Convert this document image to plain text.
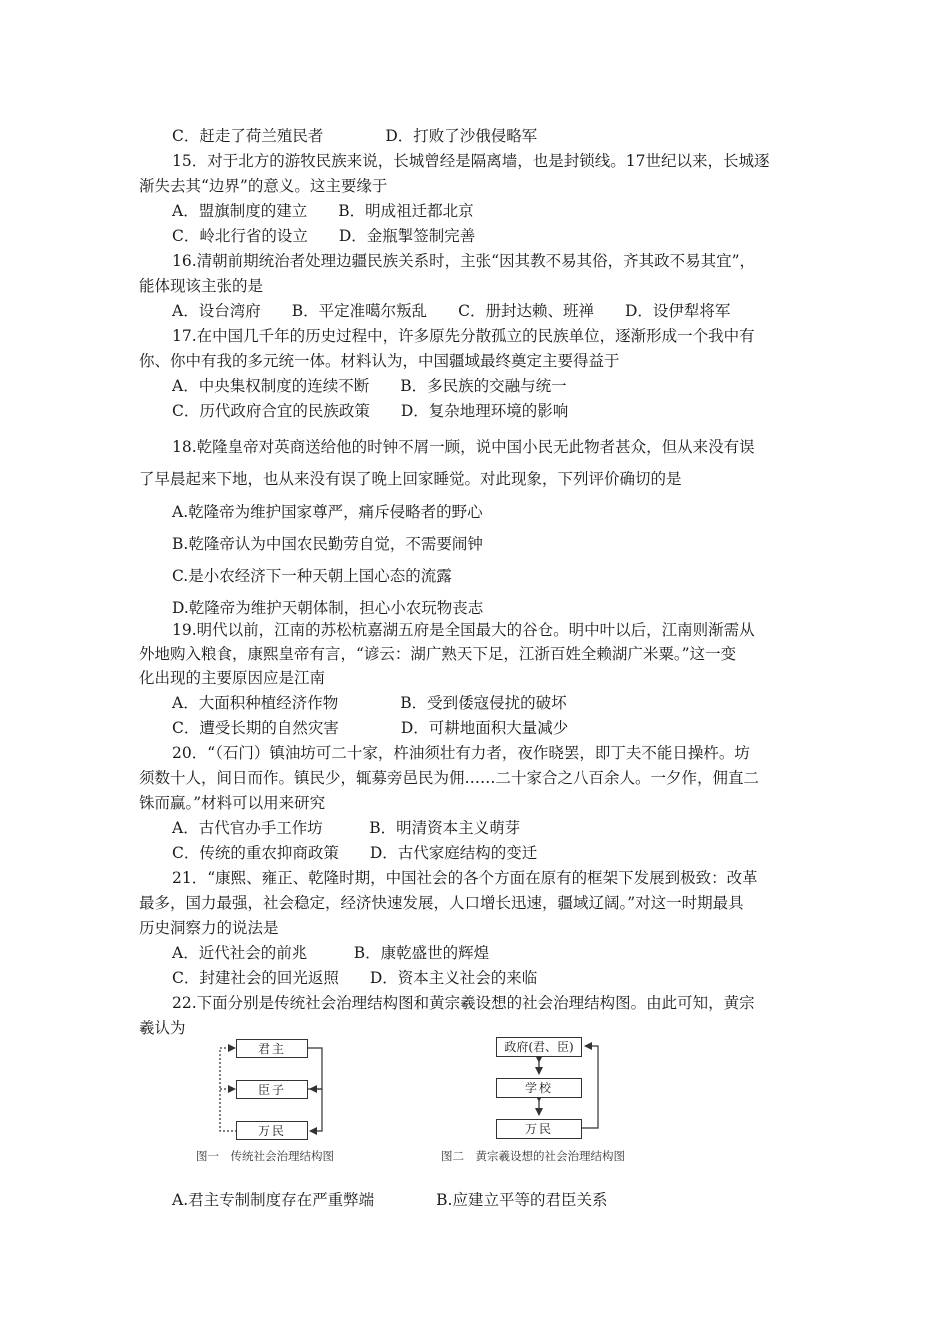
C．赶走了荷兰殖民者　　　　D．打败了沙俄侵略军
15．对于北方的游牧民族来说，长城曾经是隔离墙，也是封锁线。17世纪以来，长城逐
渐失去其“边界”的意义。这主要缘于
A．盟旗制度的建立　　B．明成祖迁都北京
C．岭北行省的设立　　D．金瓶掣签制完善
16.清朝前期统治者处理边疆民族关系时，主张“因其教不易其俗，齐其政不易其宜”，
能体现该主张的是
A．设台湾府　　B．平定准噶尔叛乱　　C．册封达赖、班禅　　D．设伊犁将军
17.在中国几千年的历史过程中，许多原先分散孤立的民族单位，逐渐形成一个我中有
你、你中有我的多元统一体。材料认为，中国疆域最终奠定主要得益于
A．中央集权制度的连续不断　　B．多民族的交融与统一
C．历代政府合宜的民族政策　　D．复杂地理环境的影响
18.乾隆皇帝对英商送给他的时钟不屑一顾，说中国小民无此物者甚众，但从来没有误
了早晨起来下地，也从来没有误了晚上回家睡觉。对此现象，下列评价确切的是
A.乾隆帝为维护国家尊严，痛斥侵略者的野心
B.乾隆帝认为中国农民勤劳自觉，不需要闹钟
C.是小农经济下一种天朝上国心态的流露
D.乾隆帝为维护天朝体制，担心小农玩物丧志
19.明代以前，江南的苏松杭嘉湖五府是全国最大的谷仓。明中叶以后，江南则渐需从
外地购入粮食，康熙皇帝有言，“谚云：湖广熟天下足，江浙百姓全赖湖广米粟。”这一变
化出现的主要原因应是江南
A．大面积种植经济作物　　　　B．受到倭寇侵扰的破坏
C．遭受长期的自然灾害　　　　D．可耕地面积大量减少
20．“（石门）镇油坊可二十家，杵油须壮有力者，夜作晓罢，即丁夫不能日操杵。坊
须数十人，间日而作。镇民少，辄募旁邑民为佣……二十家合之八百余人。一夕作，佣直二
铢而赢。”材料可以用来研究
A．古代官办手工作坊　　　B．明清资本主义萌芽
C．传统的重农抑商政策　　D．古代家庭结构的变迁
21．“康熙、雍正、乾隆时期，中国社会的各个方面在原有的框架下发展到极致：改革
最多，国力最强，社会稳定，经济快速发展，人口增长迅速，疆域辽阔。”对这一时期最具
历史洞察力的说法是
A．近代社会的前兆　　　B．康乾盛世的辉煌
C．封建社会的回光返照　　D．资本主义社会的来临
22.下面分别是传统社会治理结构图和黄宗羲设想的社会治理结构图。由此可知，黄宗
羲认为
A.君主专制制度存在严重弊端　　　　B.应建立平等的君臣关系
君主
臣子
万民
图一　传统社会治理结构图
政府(君、臣)
学校
万民
图二　黄宗羲设想的社会治理结构图
